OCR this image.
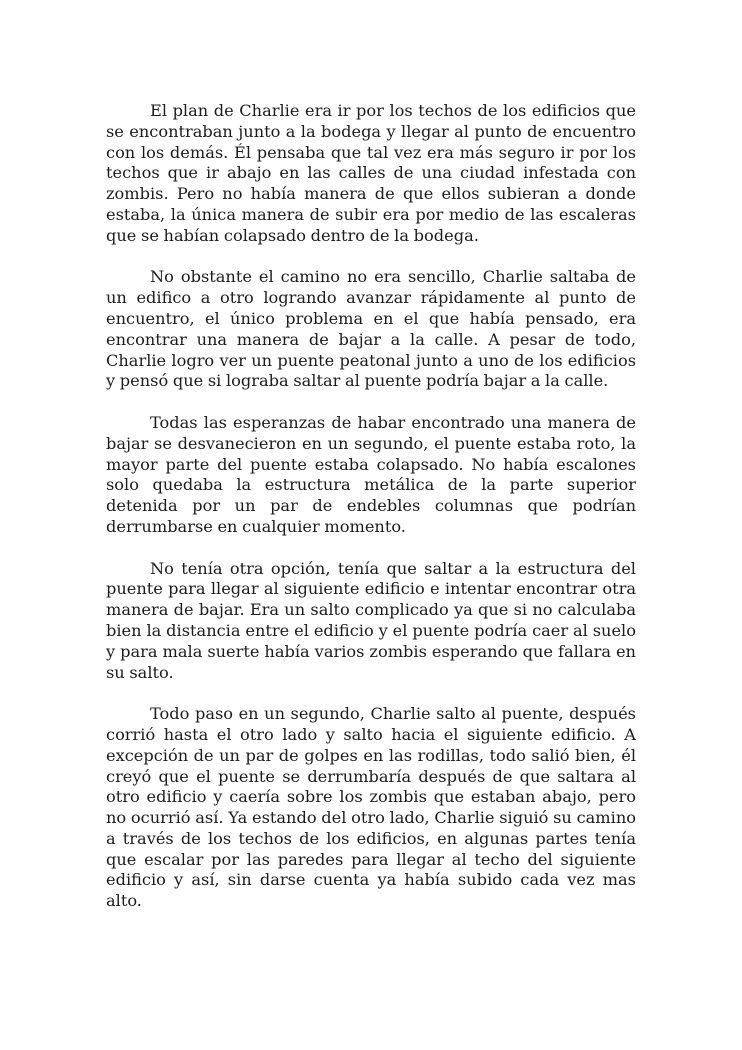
El plan de Charlie era ir por los techos de los edificios que se encontraban junto a la bodega y llegar al punto de encuentro con los demás. Él pensaba que tal vez era más seguro ir por los techos que ir abajo en las calles de una ciudad infestada con zombis. Pero no había manera de que ellos subieran a donde estaba, la única manera de subir era por medio de las escaleras que se habían colapsado dentro de la bodega.

No obstante el camino no era sencillo, Charlie saltaba de un edifico a otro logrando avanzar rápidamente al punto de encuentro, el único problema en el que había pensado, era encontrar una manera de bajar a la calle. A pesar de todo, Charlie logro ver un puente peatonal junto a uno de los edificios y pensó que si lograba saltar al puente podría bajar a la calle.

Todas las esperanzas de habar encontrado una manera de bajar se desvanecieron en un segundo, el puente estaba roto, la mayor parte del puente estaba colapsado. No había escalones solo quedaba la estructura metálica de la parte superior detenida por un par de endebles columnas que podrían derrumbarse en cualquier momento.

No tenía otra opción, tenía que saltar a la estructura del puente para llegar al siguiente edificio e intentar encontrar otra manera de bajar. Era un salto complicado ya que si no calculaba bien la distancia entre el edificio y el puente podría caer al suelo y para mala suerte había varios zombis esperando que fallara en su salto.

Todo paso en un segundo, Charlie salto al puente, después corrió hasta el otro lado y salto hacia el siguiente edificio. A excepción de un par de golpes en las rodillas, todo salió bien, él creyó que el puente se derrumbaría después de que saltara al otro edificio y caería sobre los zombis que estaban abajo, pero no ocurrió así. Ya estando del otro lado, Charlie siguió su camino a través de los techos de los edificios, en algunas partes tenía que escalar por las paredes para llegar al techo del siguiente edificio y así, sin darse cuenta ya había subido cada vez mas alto.
